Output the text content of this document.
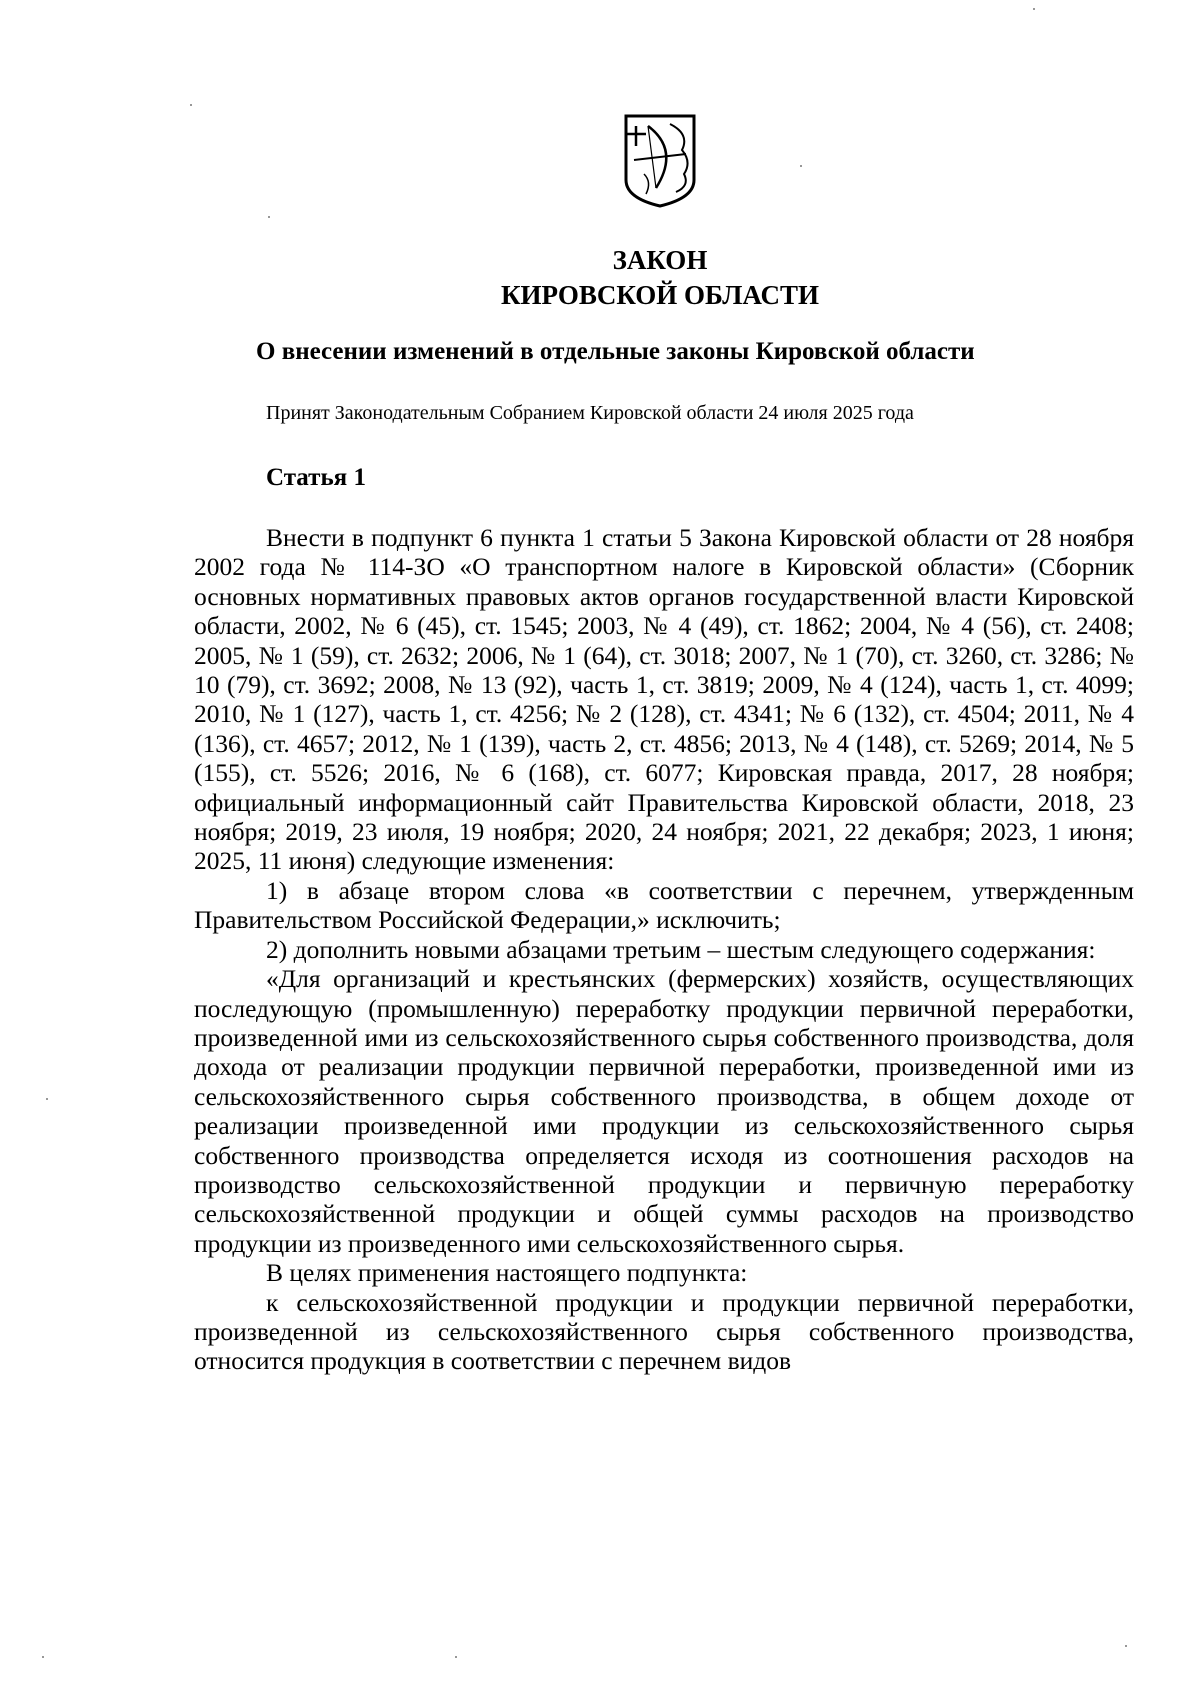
ЗАКОН
КИРОВСКОЙ ОБЛАСТИ
О внесении изменений в отдельные законы Кировской области
Принят Законодательным Собранием Кировской области 24 июля 2025 года
Статья 1

Внести в подпункт 6 пункта 1 статьи 5 Закона Кировской области от 28 ноября 2002 года № 114-ЗО «О транспортном налоге в Кировской области» (Сборник основных нормативных правовых актов органов государственной власти Кировской области, 2002, № 6 (45), ст. 1545; 2003, № 4 (49), ст. 1862; 2004, № 4 (56), ст. 2408; 2005, № 1 (59), ст. 2632; 2006, № 1 (64), ст. 3018; 2007, № 1 (70), ст. 3260, ст. 3286; № 10 (79), ст. 3692; 2008, № 13 (92), часть 1, ст. 3819; 2009, № 4 (124), часть 1, ст. 4099; 2010, № 1 (127), часть 1, ст. 4256; № 2 (128), ст. 4341; № 6 (132), ст. 4504; 2011, № 4 (136), ст. 4657; 2012, № 1 (139), часть 2, ст. 4856; 2013, № 4 (148), ст. 5269; 2014, № 5 (155), ст. 5526; 2016, № 6 (168), ст. 6077; Кировская правда, 2017, 28 ноября; официальный информационный сайт Правительства Кировской области, 2018, 23 ноября; 2019, 23 июля, 19 ноября; 2020, 24 ноября; 2021, 22 декабря; 2023, 1 июня; 2025, 11 июня) следующие изменения:

1) в абзаце втором слова «в соответствии с перечнем, утвержденным Правительством Российской Федерации,» исключить;

2) дополнить новыми абзацами третьим – шестым следующего содержания:

«Для организаций и крестьянских (фермерских) хозяйств, осуществляющих последующую (промышленную) переработку продукции первичной переработки, произведенной ими из сельскохозяйственного сырья собственного производства, доля дохода от реализации продукции первичной переработки, произведенной ими из сельскохозяйственного сырья собственного производства, в общем доходе от реализации произведенной ими продукции из сельскохозяйственного сырья собственного производства определяется исходя из соотношения расходов на производство сельскохозяйственной продукции и первичную переработку сельскохозяйственной продукции и общей суммы расходов на производство продукции из произведенного ими сельскохозяйственного сырья.

В целях применения настоящего подпункта:

к сельскохозяйственной продукции и продукции первичной переработки, произведенной из сельскохозяйственного сырья собственного производства, относится продукция в соответствии с перечнем видов
